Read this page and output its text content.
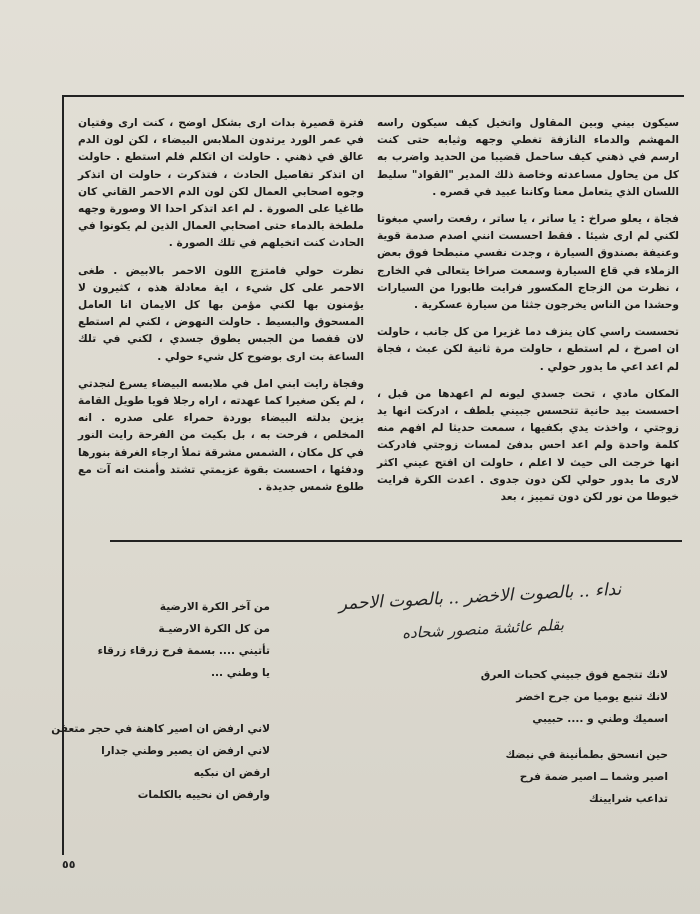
سيكون بيني وبين المقاول واتخيل كيف سيكون راسه المهشم والدماء النازفة تغطي وجهه وثيابه حتى كنت ارسم في ذهني كيف ساحمل قضيبا من الحديد واضرب به كل من يحاول مساعدته وخاصة ذلك المدير "القواد" سليط اللسان الذي يتعامل معنا وكاننا عبيد في قصره .

فجاة ، يعلو صراخ : يا ساتر ، يا ساتر ، رفعت راسي مبغوتا لكني لم ارى شيئا . فقط احسست انني اصدم صدمة قوية وعنيفة بصندوق السيارة ، وجدت نفسي منبطحا فوق بعض الزملاء في قاع السيارة وسمعت صراخا يتعالى في الخارج ، نظرت من الزجاج المكسور فرايت طابورا من السيارات وحشدا من الناس يخرجون جثثا من سيارة عسكرية .

تحسست راسي كان ينزف دما غزيرا من كل جانب ، حاولت ان اصرخ ، لم استطع ، حاولت مرة ثانية لكن عبث ، فجاة لم اعد اعي ما يدور حولي .

المكان مادي ، تحت جسدي ليونه لم اعهدها من قبل ، احسست بيد حانية تتحسس جبيني بلطف ، ادركت انها يد زوجتي ، واخذت يدي بكفيها ، سمعت حديثا لم افهم منه كلمة واحدة ولم اعد احس بدفئ لمسات زوجتي فادركت انها خرجت الى حيث لا اعلم ، حاولت ان افتح عيني اكثر لارى ما يدور حولي لكن دون جدوى . اعدت الكرة فرايت خيوطا من نور لكن دون تمييز ، بعد

فترة قصيرة بدات ارى بشكل اوضح ، كنت ارى وفتيان في عمر الورد يرتدون الملابس البيضاء ، لكن لون الدم عالق في ذهني . حاولت ان اتكلم فلم استطع . حاولت ان اتذكر تفاصيل الحادث ، فتذكرت ، حاولت ان اتذكر وجوه اصحابي العمال لكن لون الدم الاحمر القاني كان طاغيا على الصورة . لم اعد اتذكر احدا الا وصورة وجهه ملطخة بالدماء حتى اصحابي العمال الذين لم يكونوا في الحادث كنت اتخيلهم في تلك الصورة .

نظرت حولي فامتزج اللون الاحمر بالابيض . طغى الاحمر على كل شيء ، اية معادلة هذه ، كثيرون لا يؤمنون بها لكني مؤمن بها كل الايمان انا العامل المسحوق والبسيط . حاولت النهوض ، لكني لم استطع لان قفصا من الجبس يطوق جسدي ، لكني في تلك الساعة بت ارى بوضوح كل شيء حولي .

وفجاة رايت ابني امل في ملابسه البيضاء يسرع لنجدتي ، لم يكن صغيرا كما عهدته ، اراه رجلا قويا طويل القامة يزين بدلته البيضاء بوردة حمراء على صدره . انه المخلص ، فرحت به ، بل بكيت من الفرحة رايت النور في كل مكان ، الشمس مشرقة تملأ ارجاء الغرفة بنورها ودفئها ، احسست بقوة عزيمتي تشتد وأمنت انه آت مع طلوع شمس جديدة .

نداء .. بالصوت الاخضر .. بالصوت الاحمر
بقلم عائشة منصور شحاده
لانك تتجمع فوق جبيني كحبات العرق
لانك تنبع يوميا من جرح اخضر
اسميك وطني و .... حبيبي
حين انسحق بطمأنينة في نبضك
اصير وشما ــ اصير ضمة فرح
تداعب شرايينك
من آخر الكرة الارضية
من كل الكرة الارضيـة
تأتيني .... بسمة فرح زرقاء زرقاء
يا وطني ...
لاني ارفض ان اصير كاهنة في حجر متعفن
لاني ارفض ان يصير وطني جدارا
ارفض ان نبكيه
وارفض ان نحييه بالكلمات
٥٥
